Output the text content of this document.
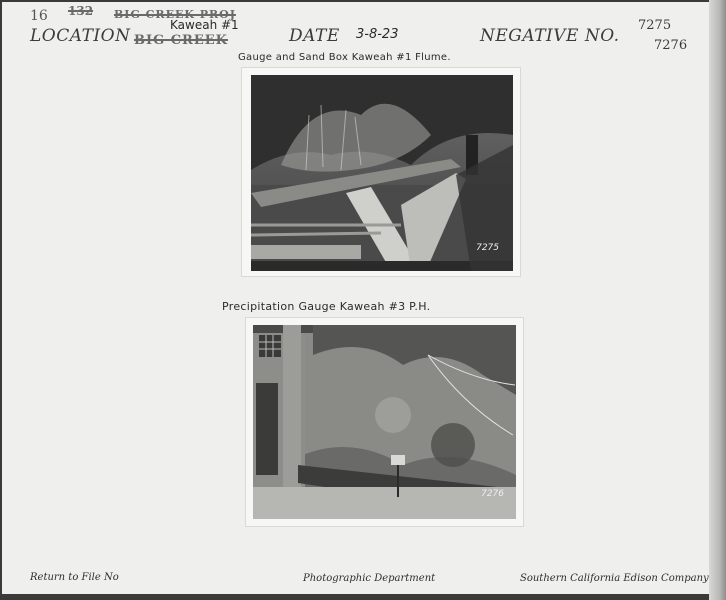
16 132 BIG CREEK PROJ
LOCATION
Kaweah #1
BIG CREEK	DATE 3-8-23	NEGATIVE NO.
7275
7276
Gauge and Sand Box Kaweah #1 Flume.
7275
Precipitation Gauge Kaweah #3 P.H.
7276
Return to File No	Photographic Department	Southern California Edison Company
